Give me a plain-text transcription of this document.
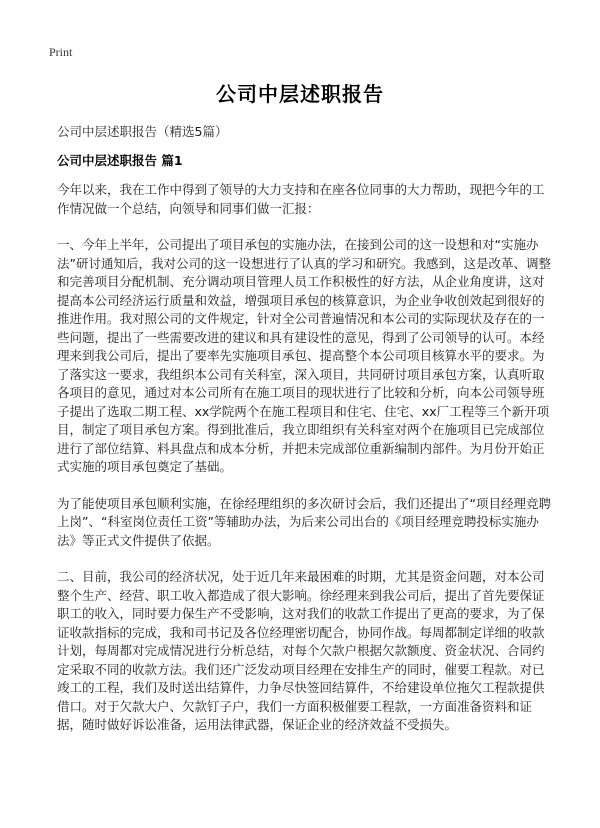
Print
公司中层述职报告
公司中层述职报告（精选5篇）
公司中层述职报告 篇1

今年以来，我在工作中得到了领导的大力支持和在座各位同事的大力帮助，现把今年的工作情况做一个总结，向领导和同事们做一汇报：

一、今年上半年，公司提出了项目承包的实施办法，在接到公司的这一设想和对“实施办法”研讨通知后，我对公司的这一设想进行了认真的学习和研究。我感到，这是改革、调整和完善项目分配机制、充分调动项目管理人员工作积极性的好方法，从企业角度讲，这对提高本公司经济运行质量和效益，增强项目承包的核算意识，为企业争收创效起到很好的推进作用。我对照公司的文件规定，针对全公司普遍情况和本公司的实际现状及存在的一些问题，提出了一些需要改进的建议和具有建设性的意见，得到了公司领导的认可。本经理来到我公司后，提出了要率先实施项目承包、提高整个本公司项目核算水平的要求。为了落实这一要求，我组织本公司有关科室，深入项目，共同研讨项目承包方案，认真听取各项目的意见，通过对本公司所有在施工项目的现状进行了比较和分析，向本公司领导班子提出了选取二期工程、xx学院两个在施工程项目和住宅、住宅、xx厂工程等三个新开项目，制定了项目承包方案。得到批准后，我立即组织有关科室对两个在施项目已完成部位进行了部位结算、料具盘点和成本分析，并把未完成部位重新编制内部件。为月份开始正式实施的项目承包奠定了基础。

为了能使项目承包顺利实施，在徐经理组织的多次研讨会后，我们还提出了“项目经理竞聘上岗”、“科室岗位责任工资”等辅助办法，为后来公司出台的《项目经理竞聘投标实施办法》等正式文件提供了依据。

二、目前，我公司的经济状况，处于近几年来最困难的时期，尤其是资金问题，对本公司整个生产、经营、职工收入都造成了很大影响。徐经理来到我公司后，提出了首先要保证职工的收入，同时要力保生产不受影响，这对我们的收款工作提出了更高的要求，为了保证收款指标的完成，我和司书记及各位经理密切配合，协同作战。每周都制定详细的收款计划，每周都对完成情况进行分析总结，对每个欠款户根据欠款额度、资金状况、合同约定采取不同的收款方法。我们还广泛发动项目经理在安排生产的同时，催要工程款。对已竣工的工程，我们及时送出结算件，力争尽快签回结算件，不给建设单位拖欠工程款提供借口。对于欠款大户、欠款钉子户，我们一方面积极催要工程款，一方面准备资料和证据，随时做好诉讼准备，运用法律武器，保证企业的经济效益不受损失。
